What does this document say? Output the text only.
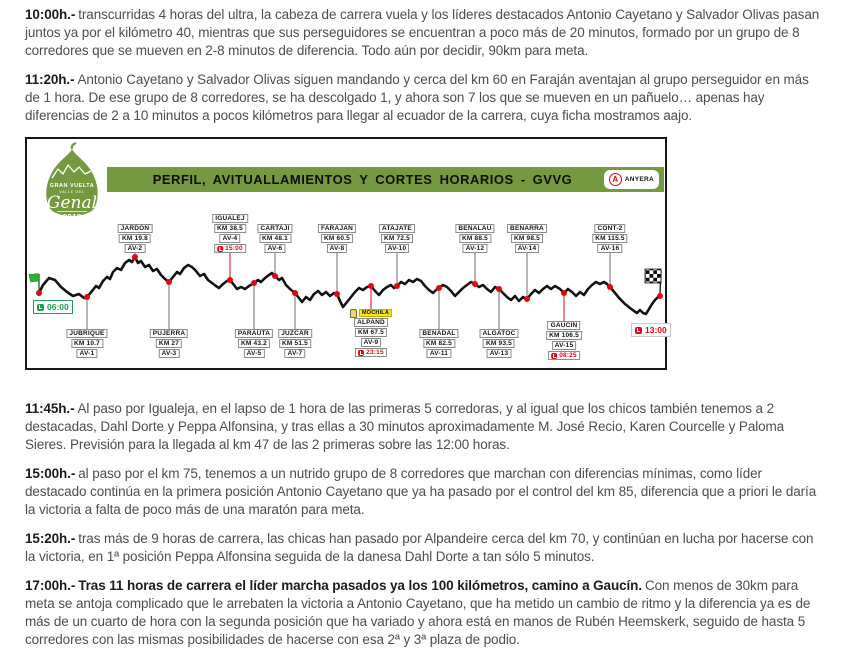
10:00h.- transcurridas 4 horas del ultra, la cabeza de carrera vuela y los líderes destacados Antonio Cayetano y Salvador Olivas pasan juntos ya por el kilómetro 40, mientras que sus perseguidores se encuentran a poco más de 20 minutos, formado por un grupo de 8 corredores que se mueven en 2-8 minutos de diferencia. Todo aún por decidir, 90km para meta.

11:20h.- Antonio Cayetano y Salvador Olivas siguen mandando y cerca del km 60 en Faraján aventajan al grupo perseguidor en más de 1 hora. De ese grupo de 8 corredores, se ha descolgado 1, y ahora son 7 los que se mueven en un pañuelo… apenas hay diferencias de 2 a 10 minutos a pocos kilómetros para llegar al ecuador de la carrera, cuya ficha mostramos aajo.

GRAN VUELTA
VALLE DEL
Genal
2018
PERFIL, AVITUALLAMIENTOS Y CORTES HORARIOS - GVVG	A	ANYERA
06:00
13:00
JUBRIQUE
KM 10.7
AV-1
JARDON
KM 19.8
AV-2
PUJERRA
KM 27
AV-3
IGUALEJ
KM 38.5
AV-4
15:00
PARAUTA
KM 43.2
AV-5
CARTAJI
KM 48.1
AV-6
JUZCAR
KM 51.5
AV-7
FARAJAN
KM 60.5
AV-8
MOCHILA
ALPAND
KM 67.5
AV-9
23:15
ATAJATE
KM 72.5
AV-10
BENADAL
KM 82.5
AV-11
BENALAU
KM 88.5
AV-12
ALGATOC
KM 93.5
AV-13
BENARRA
KM 98.5
AV-14
GAUCIN
KM 106.5
AV-15
08:25
CONT-2
KM 115.5
AV-16

11:45h.- Al paso por Igualeja, en el lapso de 1 hora de las primeras 5 corredoras, y al igual que los chicos también tenemos a 2 destacadas, Dahl Dorte y Peppa Alfonsina, y tras ellas a 30 minutos aproximadamente M. José Recio, Karen Courcelle y Paloma Sieres. Previsión para la llegada al km 47 de las 2 primeras sobre las 12:00 horas.

15:00h.- al paso por el km 75, tenemos a un nutrido grupo de 8 corredores que marchan con diferencias mínimas, como líder destacado continúa en la primera posición Antonio Cayetano que ya ha pasado por el control del km 85, diferencia que a priori le daría la victoria a falta de poco más de una maratón para meta.

15:20h.- tras más de 9 horas de carrera, las chicas han pasado por Alpandeire cerca del km 70, y continúan en lucha por hacerse con la victoria, en 1ª posición Peppa Alfonsina seguida de la danesa Dahl Dorte a tan sólo 5 minutos.

17:00h.- Tras 11 horas de carrera el líder marcha pasados ya los 100 kilómetros, camino a Gaucín. Con menos de 30km para meta se antoja complicado que le arrebaten la victoria a Antonio Cayetano, que ha metido un cambio de ritmo y la diferencia ya es de más de un cuarto de hora con la segunda posición que ha variado y ahora está en manos de Rubén Heemskerk, seguido de hasta 5 corredores con las mismas posibilidades de hacerse con esa 2ª y 3ª plaza de podio.
